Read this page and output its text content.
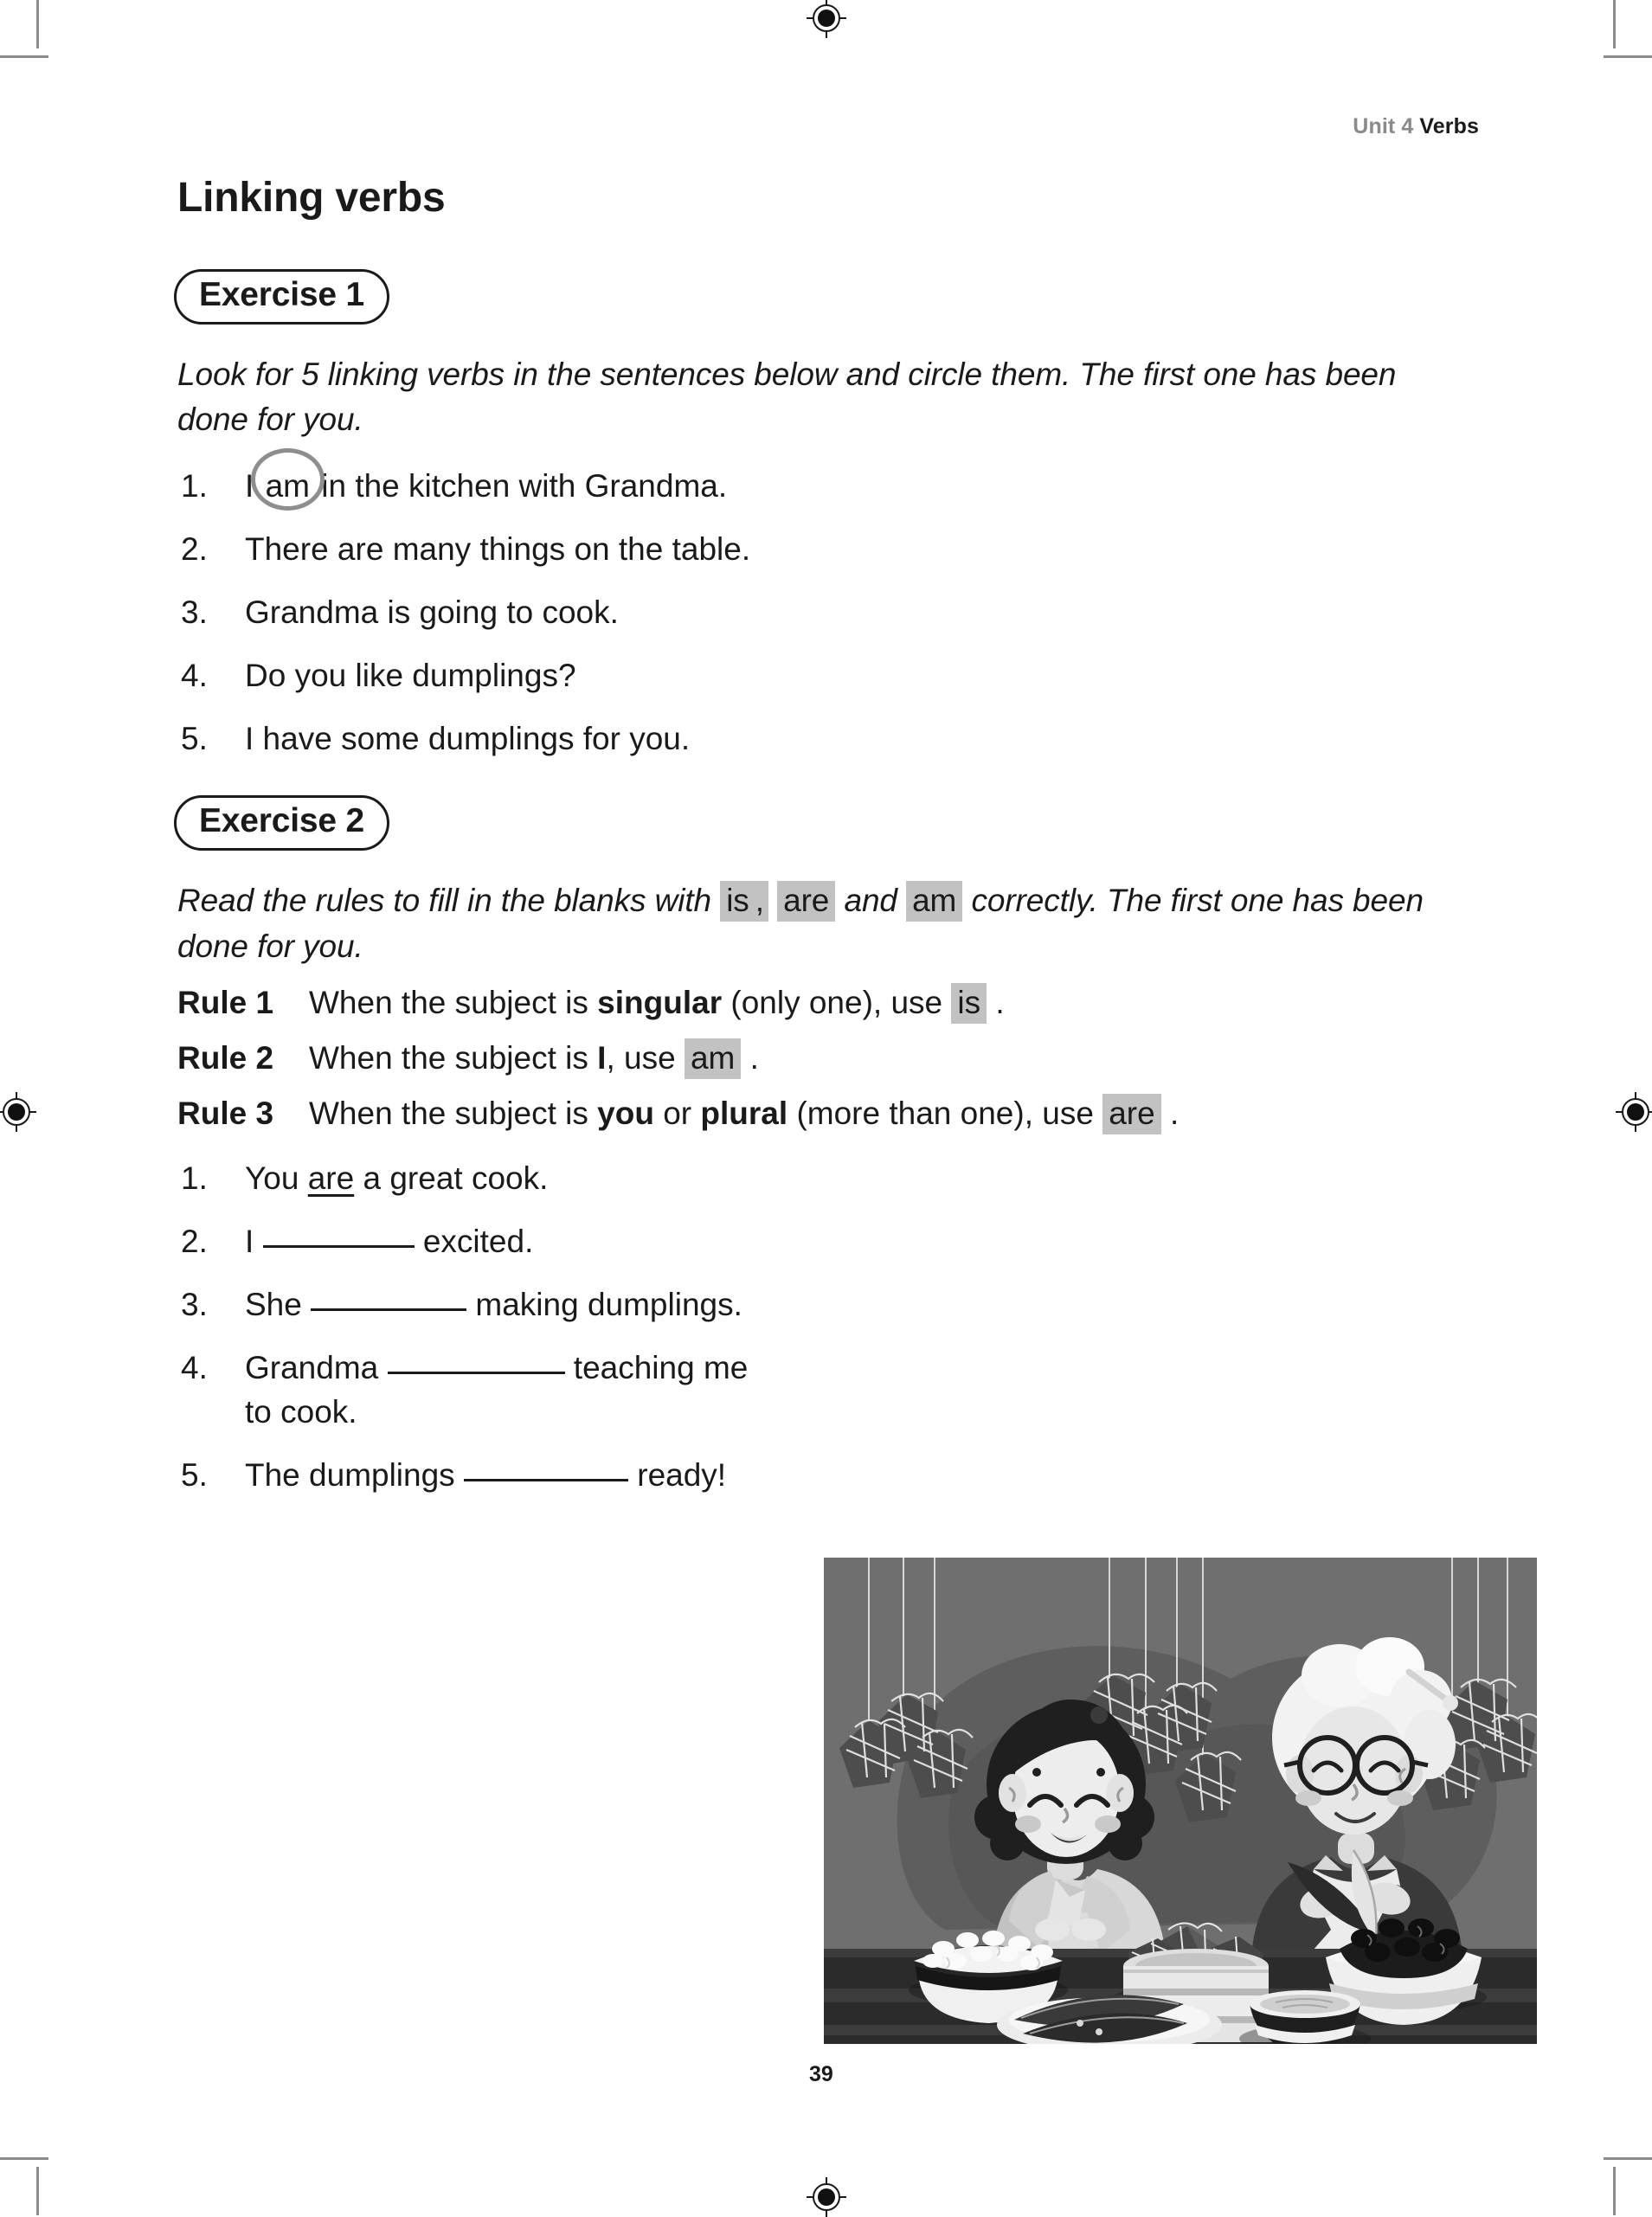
Unit 4 Verbs
Linking verbs
Exercise 1

Look for 5 linking verbs in the sentences below and circle them. The first one has been done for you.

1.	I
am in the kitchen with Grandma.
2.	There are many things on the table.
3.	Grandma is going to cook.
4.	Do you like dumplings?
5.	I have some dumplings for you.
Exercise 2

Read the rules to fill in the blanks with is , are and am correctly. The first one has been done for you.

Rule 1	When the subject is singular (only one), use is .
Rule 2	When the subject is I, use am .
Rule 3	When the subject is you or plural (more than one), use are .
1.	You are a great cook.
2.	I	excited.
3.	She	making dumplings.
4.	Grandma	teaching me to cook.
5.	The dumplings	ready!
39
